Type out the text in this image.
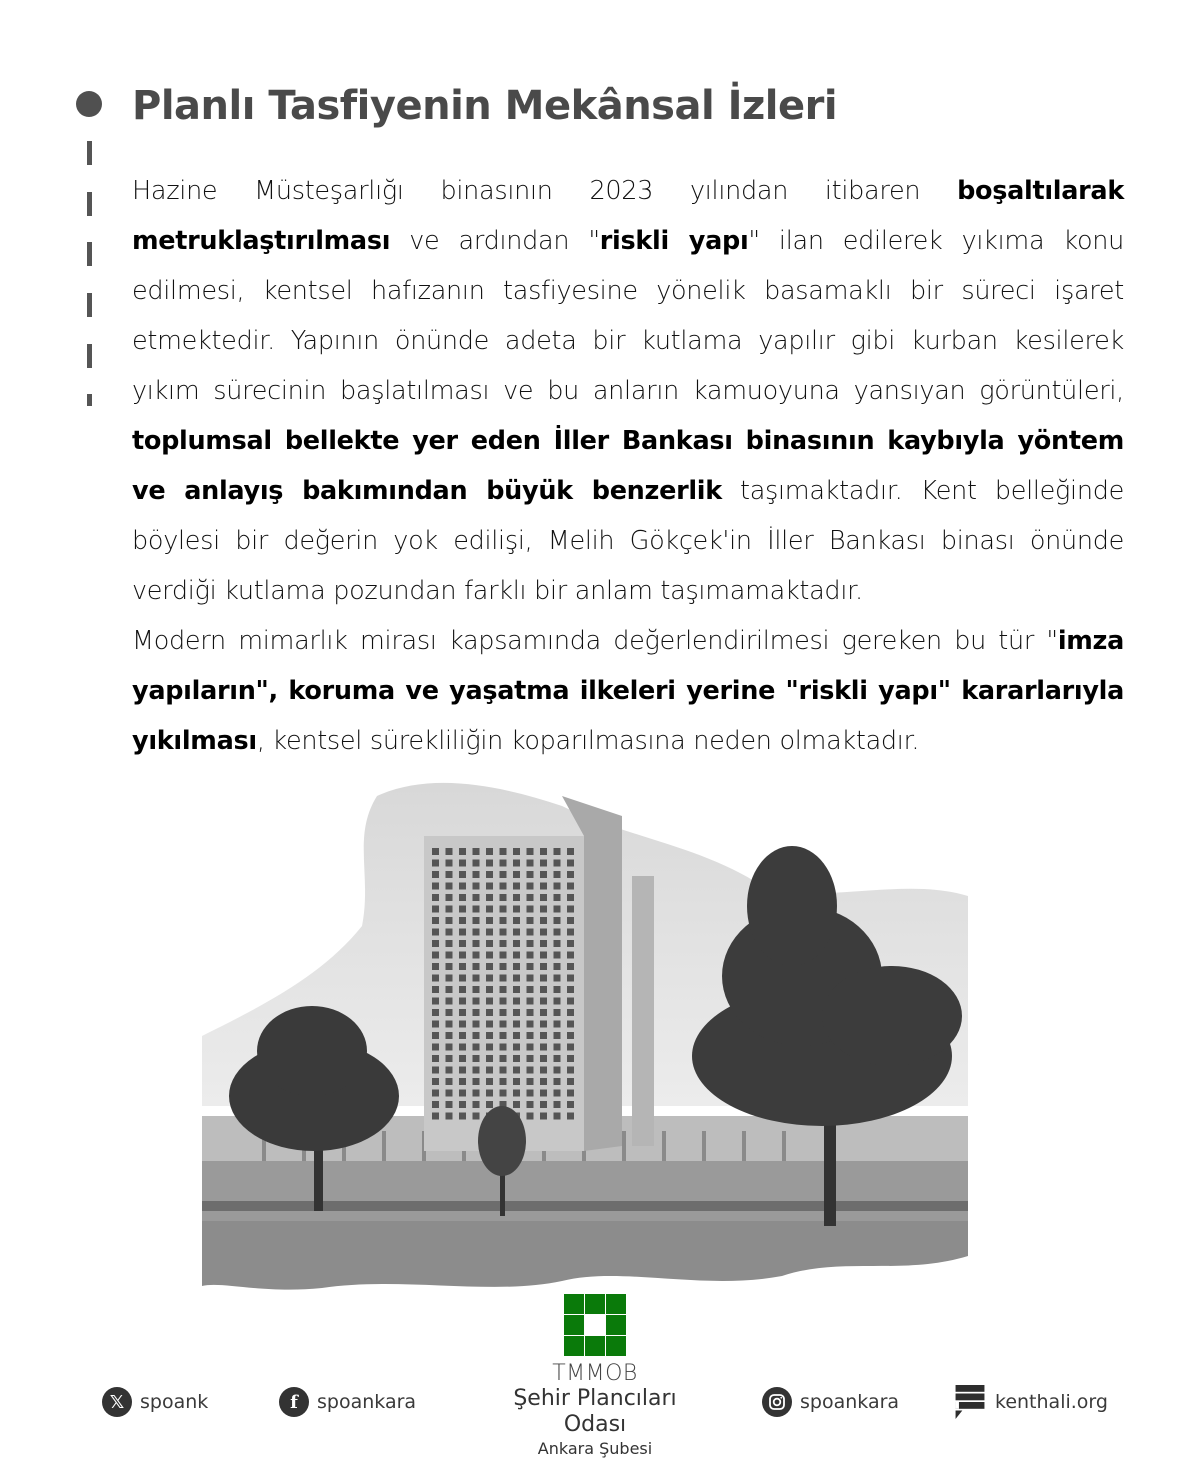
Planlı Tasfiyenin Mekânsal İzleri

Hazine Müsteşarlığı binasının 2023 yılından itibaren boşaltılarak metruklaştırılması ve ardından "riskli yapı" ilan edilerek yıkıma konu edilmesi, kentsel hafızanın tasfiyesine yönelik basamaklı bir süreci işaret etmektedir. Yapının önünde adeta bir kutlama yapılır gibi kurban kesilerek yıkım sürecinin başlatılması ve bu anların kamuoyuna yansıyan görüntüleri, toplumsal bellekte yer eden İller Bankası binasının kaybıyla yöntem ve anlayış bakımından büyük benzerlik taşımaktadır. Kent belleğinde böylesi bir değerin yok edilişi, Melih Gökçek'in İller Bankası binası önünde verdiği kutlama pozundan farklı bir anlam taşımamaktadır.

Modern mimarlık mirası kapsamında değerlendirilmesi gereken bu tür "imza yapıların", koruma ve yaşatma ilkeleri yerine "riskli yapı" kararlarıyla yıkılması, kentsel sürekliliğin koparılmasına neden olmaktadır.

𝕏 spoank	f	spoankara
TMMOB
Şehir Plancıları Odası
Ankara Şubesi
spoankara	kenthali.org
